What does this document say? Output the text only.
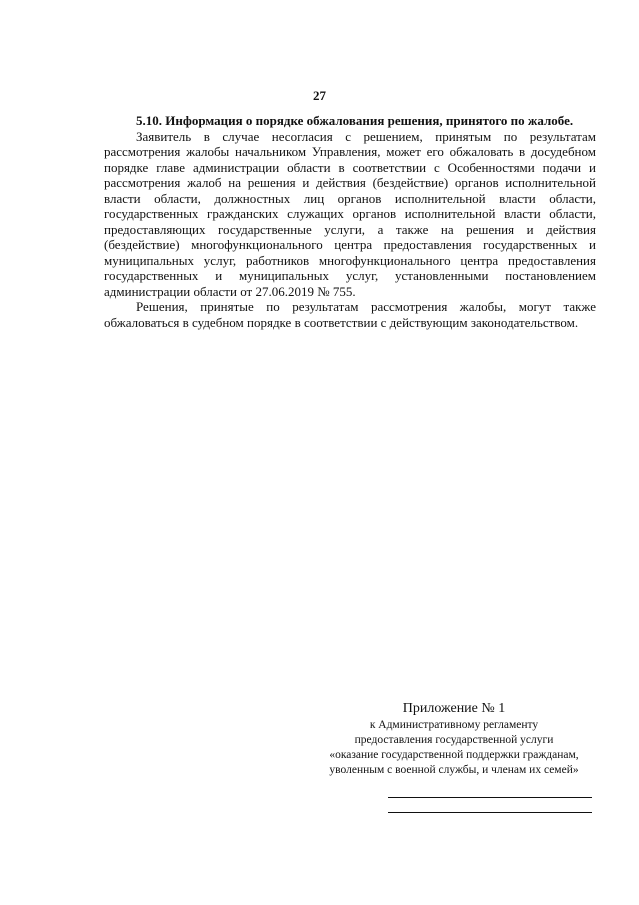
27

5.10. Информация о порядке обжалования решения, принятого по жалобе.

Заявитель в случае несогласия с решением, принятым по результатам рассмотрения жалобы начальником Управления, может его обжаловать в досудебном порядке главе администрации области в соответствии с Особенностями подачи и рассмотрения жалоб на решения и действия (бездействие) органов исполнительной власти области, должностных лиц органов исполнительной власти области, государственных гражданских служащих органов исполнительной власти области, предоставляющих государственные услуги, а также на решения и действия (бездействие) многофункционального центра предоставления государственных и муниципальных услуг, работников многофункционального центра предоставления государственных и муниципальных услуг, установленными постановлением администрации области от 27.06.2019 № 755.

Решения, принятые по результатам рассмотрения жалобы, могут также обжаловаться в судебном порядке в соответствии с действующим законодательством.

Приложение № 1
к Административному регламенту
предоставления государственной услуги
«оказание государственной поддержки гражданам,
уволенным с военной службы, и членам их семей»
